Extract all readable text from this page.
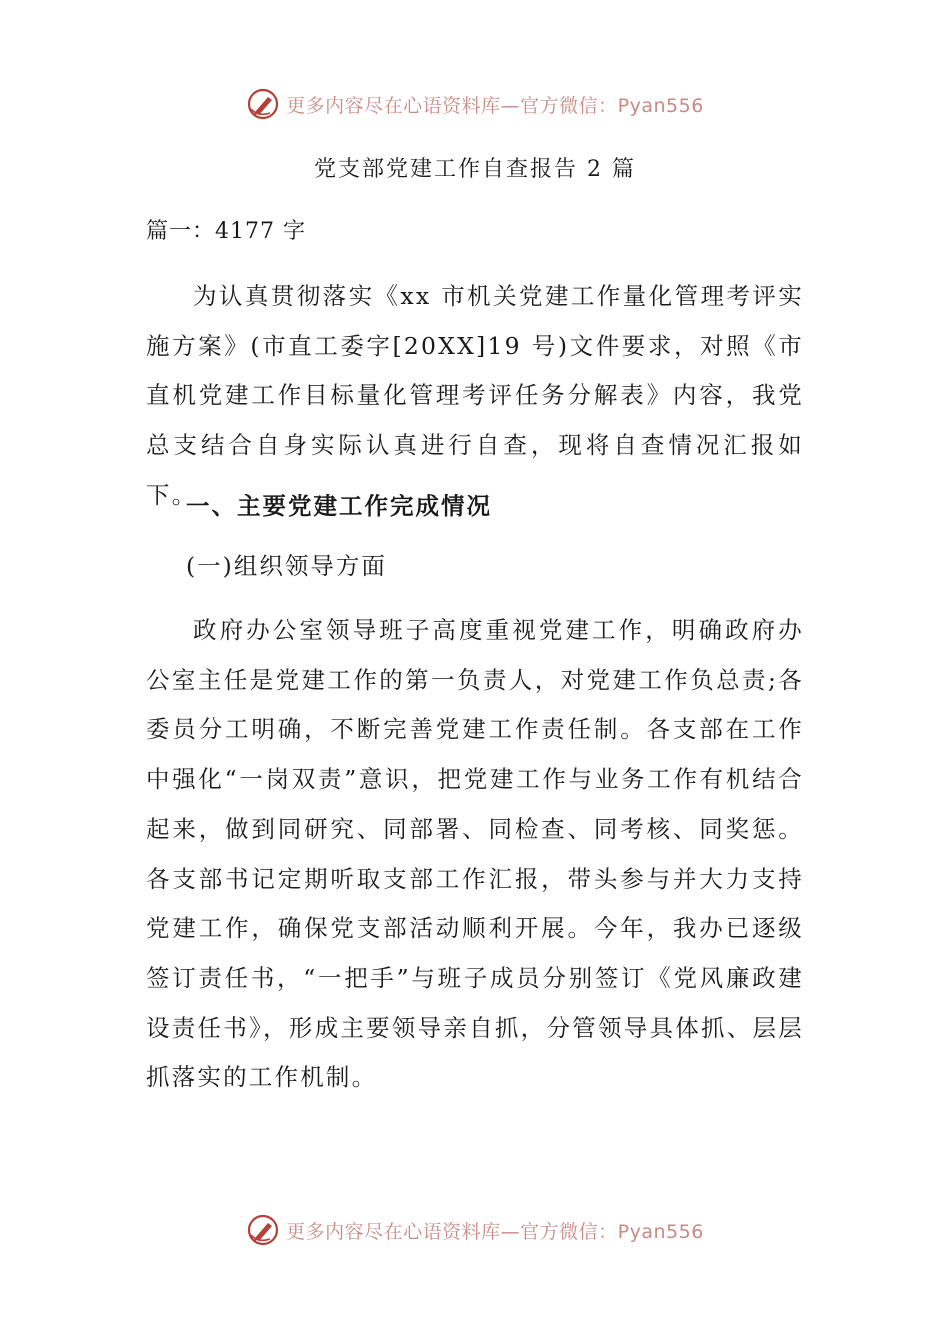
更多内容尽在心语资料库—官方微信：Pyan556
党支部党建工作自查报告 2 篇
篇一：4177 字

为认真贯彻落实《xx 市机关党建工作量化管理考评实施方案》(市直工委字[20XX]19 号)文件要求，对照《市直机党建工作目标量化管理考评任务分解表》内容，我党总支结合自身实际认真进行自查，现将自查情况汇报如下。

一、主要党建工作完成情况
(一)组织领导方面

政府办公室领导班子高度重视党建工作，明确政府办公室主任是党建工作的第一负责人，对党建工作负总责;各委员分工明确，不断完善党建工作责任制。各支部在工作中强化“一岗双责”意识，把党建工作与业务工作有机结合起来，做到同研究、同部署、同检查、同考核、同奖惩。各支部书记定期听取支部工作汇报，带头参与并大力支持党建工作，确保党支部活动顺利开展。今年，我办已逐级签订责任书，“一把手”与班子成员分别签订《党风廉政建设责任书》，形成主要领导亲自抓，分管领导具体抓、层层抓落实的工作机制。

更多内容尽在心语资料库—官方微信：Pyan556
